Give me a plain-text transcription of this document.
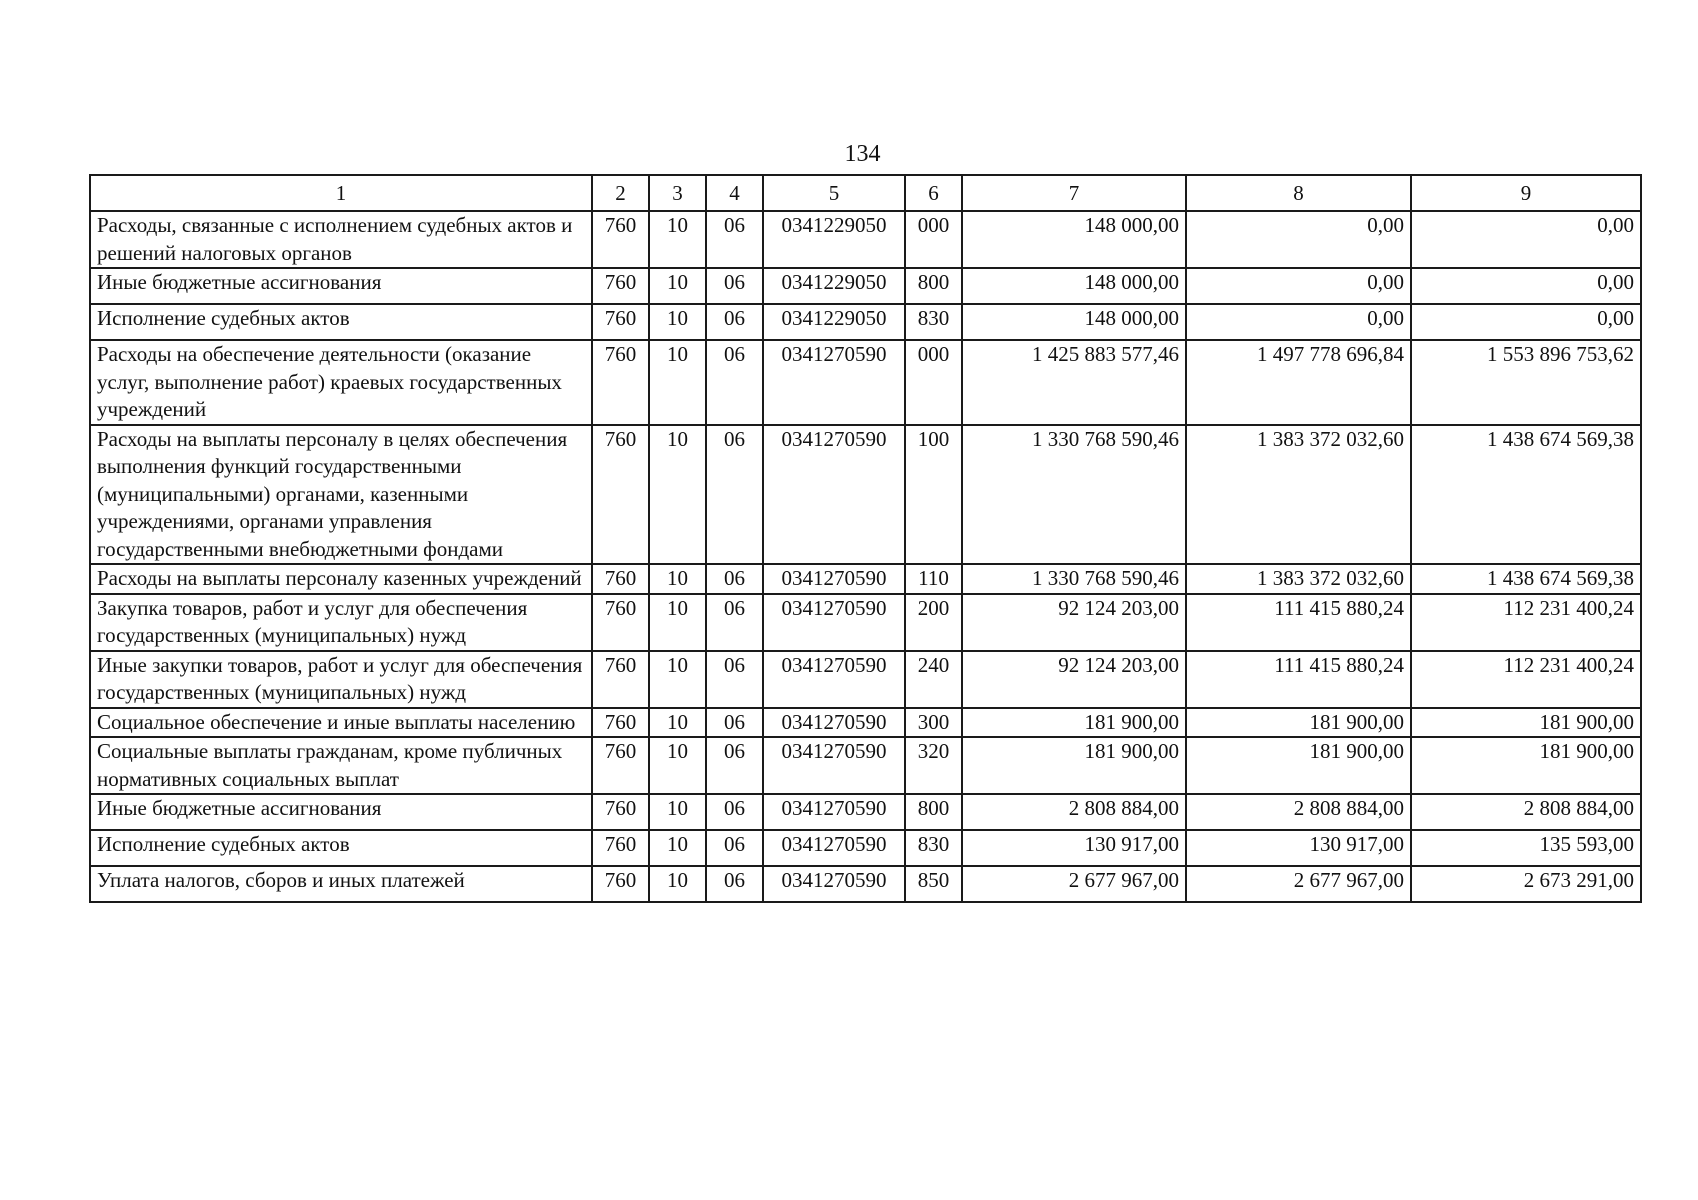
134
1	2	3	4	5	6	7	8	9
Расходы, связанные с исполнением судебных актов и решений налоговых органов	760	10	06	0341229050	000	148 000,00	0,00	0,00
Иные бюджетные ассигнования	760	10	06	0341229050	800	148 000,00	0,00	0,00
Исполнение судебных актов	760	10	06	0341229050	830	148 000,00	0,00	0,00
Расходы на обеспечение деятельности (оказание услуг, выполнение работ) краевых государственных учреждений	760	10	06	0341270590	000	1 425 883 577,46	1 497 778 696,84	1 553 896 753,62
Расходы на выплаты персоналу в целях обеспечения выполнения функций государственными (муниципальными) органами, казенными учреждениями, органами управления государственными внебюджетными фондами	760	10	06	0341270590	100	1 330 768 590,46	1 383 372 032,60	1 438 674 569,38
Расходы на выплаты персоналу казенных учреждений	760	10	06	0341270590	110	1 330 768 590,46	1 383 372 032,60	1 438 674 569,38
Закупка товаров, работ и услуг для обеспечения государственных (муниципальных) нужд	760	10	06	0341270590	200	92 124 203,00	111 415 880,24	112 231 400,24
Иные закупки товаров, работ и услуг для обеспечения государственных (муниципальных) нужд	760	10	06	0341270590	240	92 124 203,00	111 415 880,24	112 231 400,24
Социальное обеспечение и иные выплаты населению	760	10	06	0341270590	300	181 900,00	181 900,00	181 900,00
Социальные выплаты гражданам, кроме публичных нормативных социальных выплат	760	10	06	0341270590	320	181 900,00	181 900,00	181 900,00
Иные бюджетные ассигнования	760	10	06	0341270590	800	2 808 884,00	2 808 884,00	2 808 884,00
Исполнение судебных актов	760	10	06	0341270590	830	130 917,00	130 917,00	135 593,00
Уплата налогов, сборов и иных платежей	760	10	06	0341270590	850	2 677 967,00	2 677 967,00	2 673 291,00
